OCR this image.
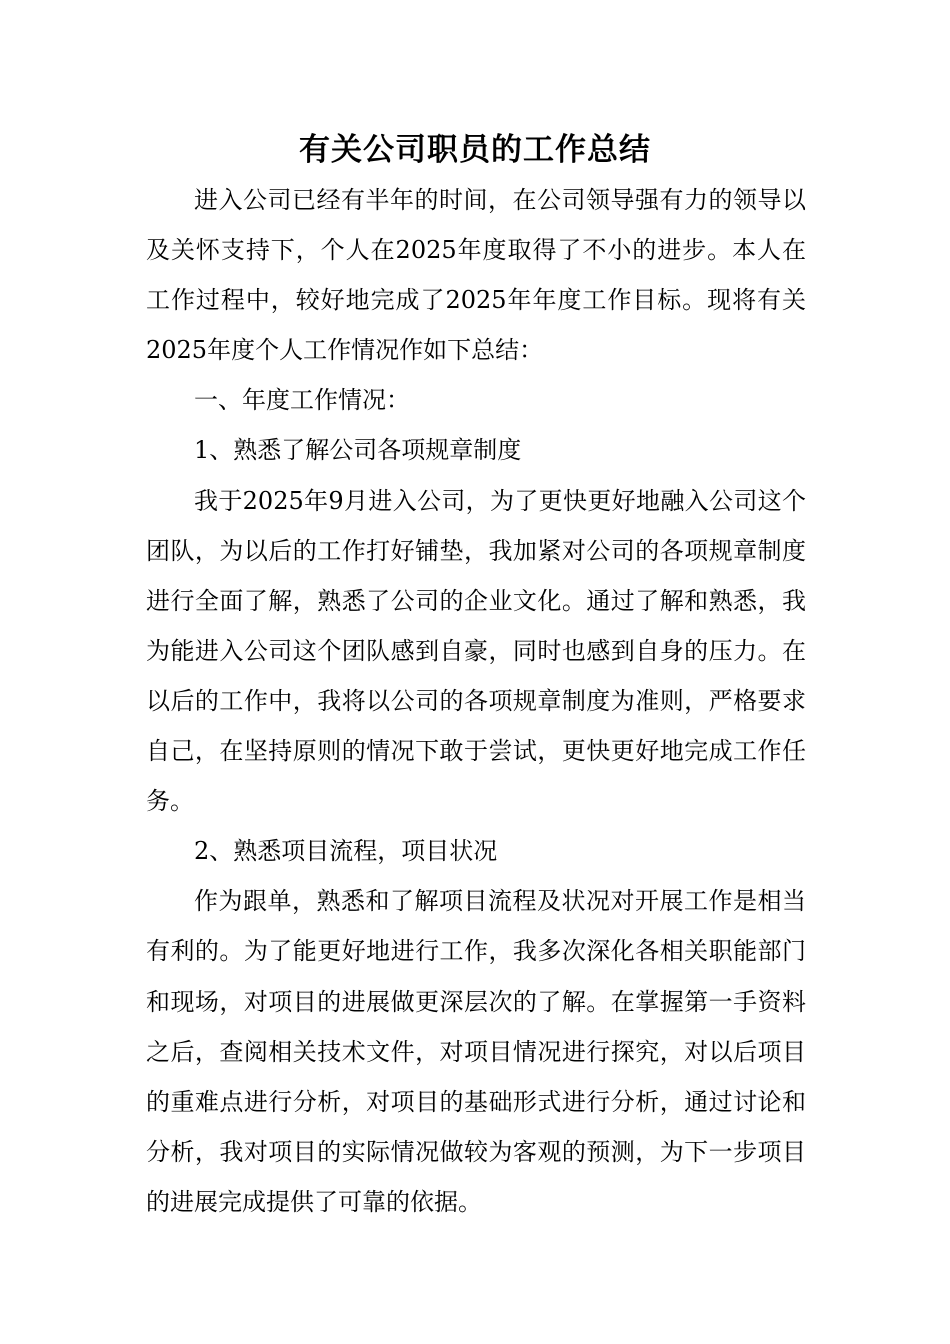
有关公司职员的工作总结

进入公司已经有半年的时间，在公司领导强有力的领导以及关怀支持下，个人在2025年度取得了不小的进步。本人在工作过程中，较好地完成了2025年年度工作目标。现将有关2025年度个人工作情况作如下总结：

一、年度工作情况：

1、熟悉了解公司各项规章制度

我于2025年9月进入公司，为了更快更好地融入公司这个团队，为以后的工作打好铺垫，我加紧对公司的各项规章制度进行全面了解，熟悉了公司的企业文化。通过了解和熟悉，我为能进入公司这个团队感到自豪，同时也感到自身的压力。在以后的工作中，我将以公司的各项规章制度为准则，严格要求自己，在坚持原则的情况下敢于尝试，更快更好地完成工作任务。

2、熟悉项目流程，项目状况

作为跟单，熟悉和了解项目流程及状况对开展工作是相当有利的。为了能更好地进行工作，我多次深化各相关职能部门和现场，对项目的进展做更深层次的了解。在掌握第一手资料之后，查阅相关技术文件，对项目情况进行探究，对以后项目的重难点进行分析，对项目的基础形式进行分析，通过讨论和分析，我对项目的实际情况做较为客观的预测，为下一步项目的进展完成提供了可靠的依据。
